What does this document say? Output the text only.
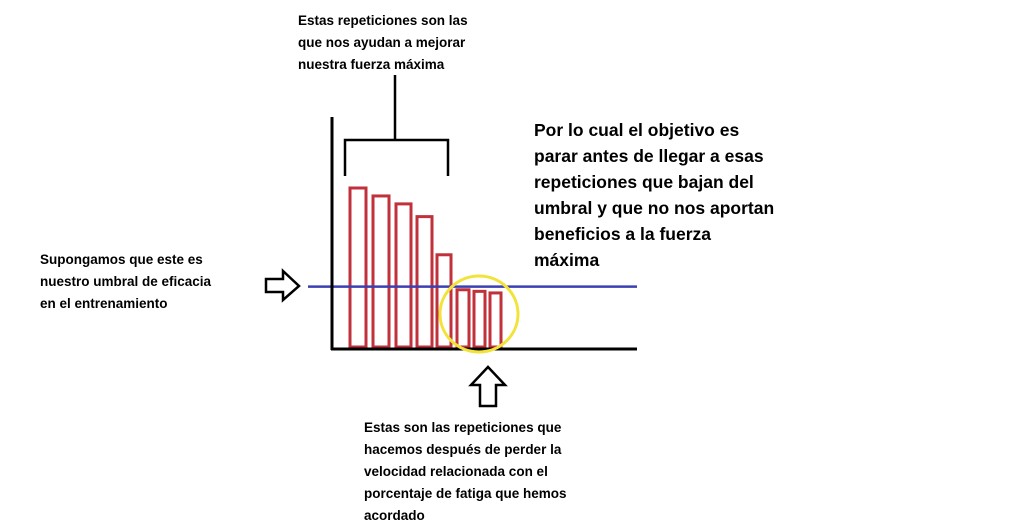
Estas repeticiones son las
que nos ayudan a mejorar
nuestra fuerza máxima
Por lo cual el objetivo es
parar antes de llegar a esas
repeticiones que bajan del
umbral y que no nos aportan
beneficios a la fuerza
máxima
Supongamos que este es
nuestro umbral de eficacia
en el entrenamiento
Estas son las repeticiones que
hacemos después de perder la
velocidad relacionada con el
porcentaje de fatiga que hemos
acordado
